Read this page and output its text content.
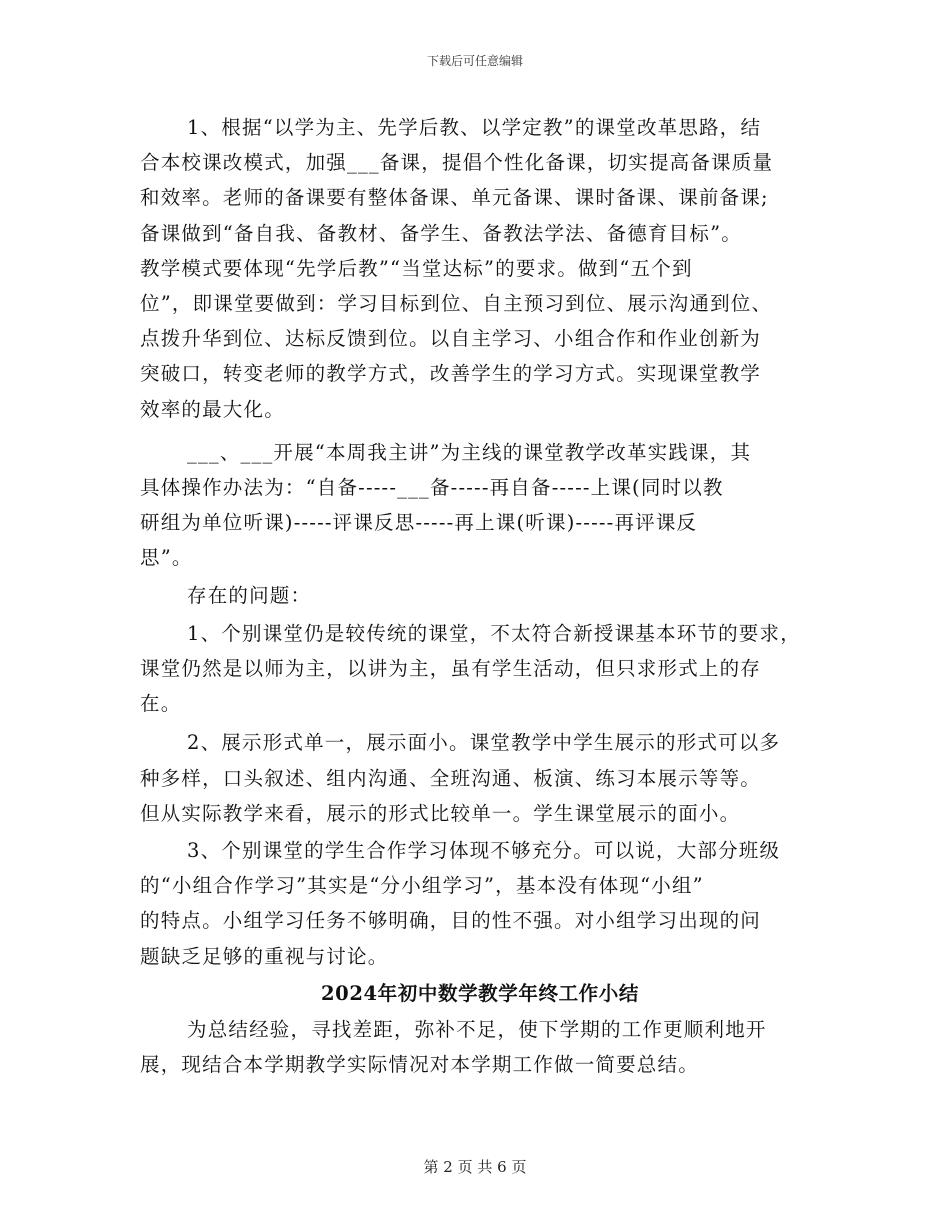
下载后可任意编辑

1、根据“以学为主、先学后教、以学定教”的课堂改革思路，结
合本校课改模式，加强___备课，提倡个性化备课，切实提高备课质量
和效率。老师的备课要有整体备课、单元备课、课时备课、课前备课;
备课做到“备自我、备教材、备学生、备教法学法、备德育目标”。
教学模式要体现“先学后教”“当堂达标”的要求。做到“五个到
位”，即课堂要做到：学习目标到位、自主预习到位、展示沟通到位、
点拨升华到位、达标反馈到位。以自主学习、小组合作和作业创新为
突破口，转变老师的教学方式，改善学生的学习方式。实现课堂教学
效率的最大化。

___、___开展“本周我主讲”为主线的课堂教学改革实践课，其
具体操作办法为：“自备-----___备-----再自备-----上课(同时以教
研组为单位听课)-----评课反思-----再上课(听课)-----再评课反
思”。

存在的问题：

1、个别课堂仍是较传统的课堂，不太符合新授课基本环节的要求，
课堂仍然是以师为主，以讲为主，虽有学生活动，但只求形式上的存
在。

2、展示形式单一，展示面小。课堂教学中学生展示的形式可以多
种多样，口头叙述、组内沟通、全班沟通、板演、练习本展示等等。
但从实际教学来看，展示的形式比较单一。学生课堂展示的面小。

3、个别课堂的学生合作学习体现不够充分。可以说，大部分班级
的“小组合作学习”其实是“分小组学习”，基本没有体现“小组”
的特点。小组学习任务不够明确，目的性不强。对小组学习出现的问
题缺乏足够的重视与讨论。

2024年初中数学教学年终工作小结

为总结经验，寻找差距，弥补不足，使下学期的工作更顺利地开
展，现结合本学期教学实际情况对本学期工作做一简要总结。

第 2 页 共 6 页
